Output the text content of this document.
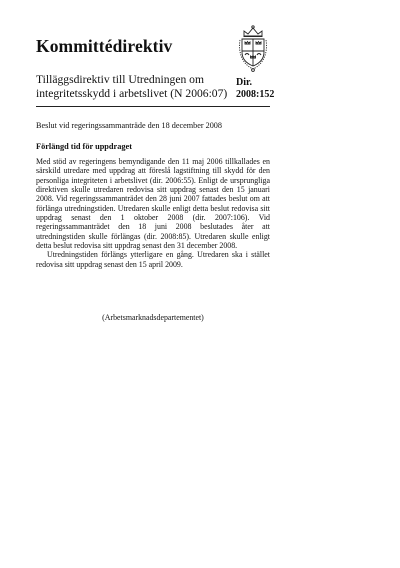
Kommittédirektiv

Tilläggsdirektiv till Utredningen om integritetsskydd i arbetslivet (N 2006:07)

Dir.
2008:152
Beslut vid regeringssammanträde den 18 december 2008
Förlängd tid för uppdraget

Med stöd av regeringens bemyndigande den 11 maj 2006 tillkallades en särskild utredare med uppdrag att föreslå lagstiftning till skydd för den personliga integriteten i arbetslivet (dir. 2006:55). Enligt de ursprungliga direktiven skulle utredaren redovisa sitt uppdrag senast den 15 januari 2008. Vid regeringssammanträdet den 28 juni 2007 fattades beslut om att förlänga utredningstiden. Utredaren skulle enligt detta beslut redovisa sitt uppdrag senast den 1 oktober 2008 (dir. 2007:106). Vid regeringssammanträdet den 18 juni 2008 beslutades åter att utredningstiden skulle förlängas (dir. 2008:85). Utredaren skulle enligt detta beslut redovisa sitt uppdrag senast den 31 december 2008.

Utredningstiden förlängs ytterligare en gång. Utredaren ska i stället redovisa sitt uppdrag senast den 15 april 2009.

(Arbetsmarknadsdepartementet)
